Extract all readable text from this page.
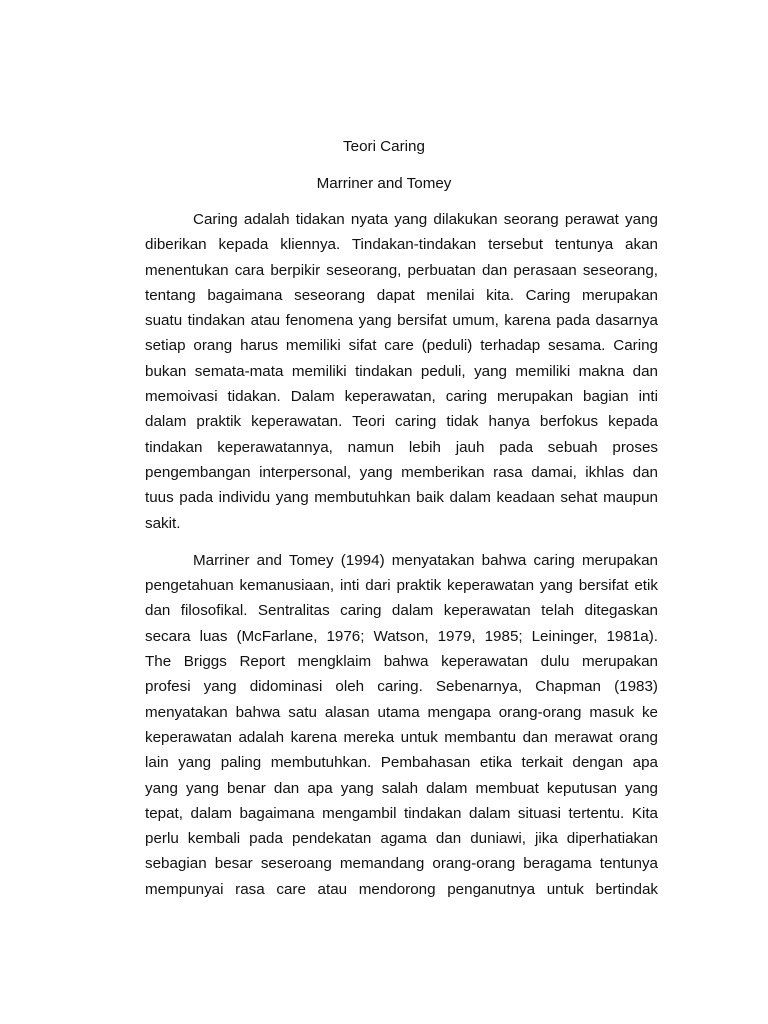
Teori Caring
Marriner and Tomey
Caring adalah tidakan nyata yang dilakukan seorang perawat yang
diberikan kepada kliennya. Tindakan-tindakan tersebut tentunya akan
menentukan cara berpikir seseorang, perbuatan dan perasaan seseorang,
tentang bagaimana seseorang dapat menilai kita. Caring merupakan
suatu tindakan atau fenomena yang bersifat umum, karena pada dasarnya
setiap orang harus memiliki sifat care (peduli) terhadap sesama. Caring
bukan semata-mata memiliki tindakan peduli, yang memiliki makna dan
memoivasi tidakan. Dalam keperawatan, caring merupakan bagian inti
dalam praktik keperawatan. Teori caring tidak hanya berfokus kepada
tindakan keperawatannya, namun lebih jauh pada sebuah proses
pengembangan interpersonal, yang memberikan rasa damai, ikhlas dan
tuus pada individu yang membutuhkan baik dalam keadaan sehat maupun
sakit.
Marriner and Tomey (1994) menyatakan bahwa caring merupakan
pengetahuan kemanusiaan, inti dari praktik keperawatan yang bersifat etik
dan filosofikal. Sentralitas caring dalam keperawatan telah ditegaskan
secara luas (McFarlane, 1976; Watson, 1979, 1985; Leininger, 1981a).
The Briggs Report mengklaim bahwa keperawatan dulu merupakan
profesi yang didominasi oleh caring. Sebenarnya, Chapman (1983)
menyatakan bahwa satu alasan utama mengapa orang-orang masuk ke
keperawatan adalah karena mereka untuk membantu dan merawat orang
lain yang paling membutuhkan. Pembahasan etika terkait dengan apa
yang yang benar dan apa yang salah dalam membuat keputusan yang
tepat, dalam bagaimana mengambil tindakan dalam situasi tertentu. Kita
perlu kembali pada pendekatan agama dan duniawi, jika diperhatiakan
sebagian besar seseroang memandang orang-orang beragama tentunya
mempunyai rasa care atau mendorong penganutnya untuk bertindak
